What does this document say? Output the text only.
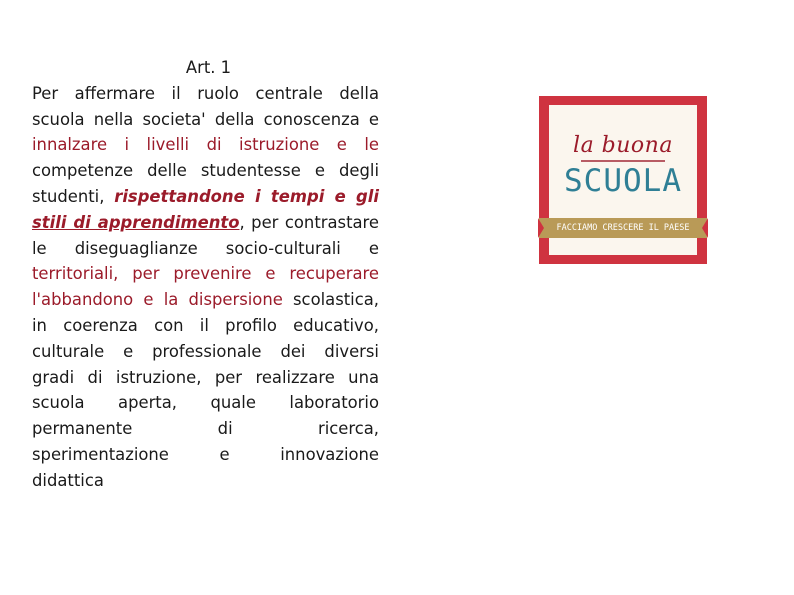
Art. 1
Per affermare il ruolo centrale della
scuola nella societa' della conoscenza e
innalzare i livelli di istruzione e le
competenze delle studentesse e degli
studenti, rispettandone i tempi e gli
stili di apprendimento, per contrastare
le diseguaglianze socio-culturali e
territoriali, per prevenire e recuperare
l'abbandono e la dispersione scolastica,
in coerenza con il profilo educativo,
culturale e professionale dei diversi
gradi di istruzione, per realizzare una
scuola aperta, quale laboratorio
permanente di ricerca,
sperimentazione e innovazione
didattica
la buona
SCUOLA
FACCIAMO CRESCERE IL PAESE
